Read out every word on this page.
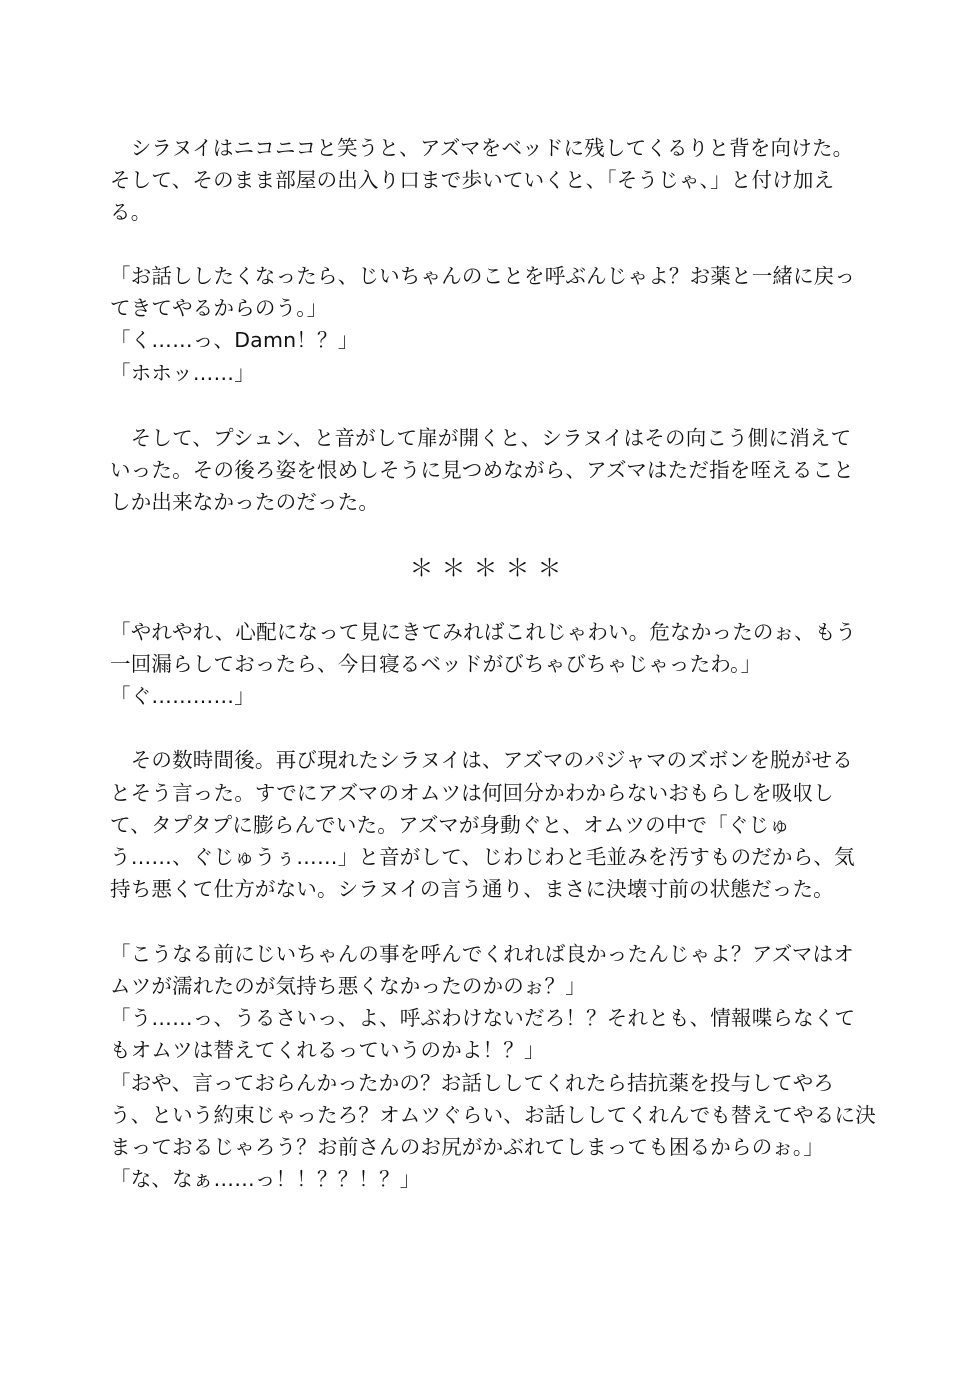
　シラヌイはニコニコと笑うと、アズマをベッドに残してくるりと背を向けた。
そして、そのまま部屋の出入り口まで歩いていくと、「そうじゃ、」と付け加え
る。
「お話ししたくなったら、じいちゃんのことを呼ぶんじゃよ？お薬と一緒に戻っ
てきてやるからのう。」
「く……っ、Damn！？」
「ホホッ……」
　そして、プシュン、と音がして扉が開くと、シラヌイはその向こう側に消えて
いった。その後ろ姿を恨めしそうに見つめながら、アズマはただ指を咥えること
しか出来なかったのだった。
＊＊＊＊＊
「やれやれ、心配になって見にきてみればこれじゃわい。危なかったのぉ、もう
一回漏らしておったら、今日寝るベッドがびちゃびちゃじゃったわ。」
「ぐ…………」
　その数時間後。再び現れたシラヌイは、アズマのパジャマのズボンを脱がせる
とそう言った。すでにアズマのオムツは何回分かわからないおもらしを吸収し
て、タプタプに膨らんでいた。アズマが身動ぐと、オムツの中で「ぐじゅ
う……、ぐじゅうぅ……」と音がして、じわじわと毛並みを汚すものだから、気
持ち悪くて仕方がない。シラヌイの言う通り、まさに決壊寸前の状態だった。
「こうなる前にじいちゃんの事を呼んでくれれば良かったんじゃよ？アズマはオ
ムツが濡れたのが気持ち悪くなかったのかのぉ？」
「う……っ、うるさいっ、よ、呼ぶわけないだろ！？それとも、情報喋らなくて
もオムツは替えてくれるっていうのかよ！？」
「おや、言っておらんかったかの？お話ししてくれたら拮抗薬を投与してやろ
う、という約束じゃったろ？オムツぐらい、お話ししてくれんでも替えてやるに決
まっておるじゃろう？お前さんのお尻がかぶれてしまっても困るからのぉ。」
「な、なぁ……っ！！？？！？」
